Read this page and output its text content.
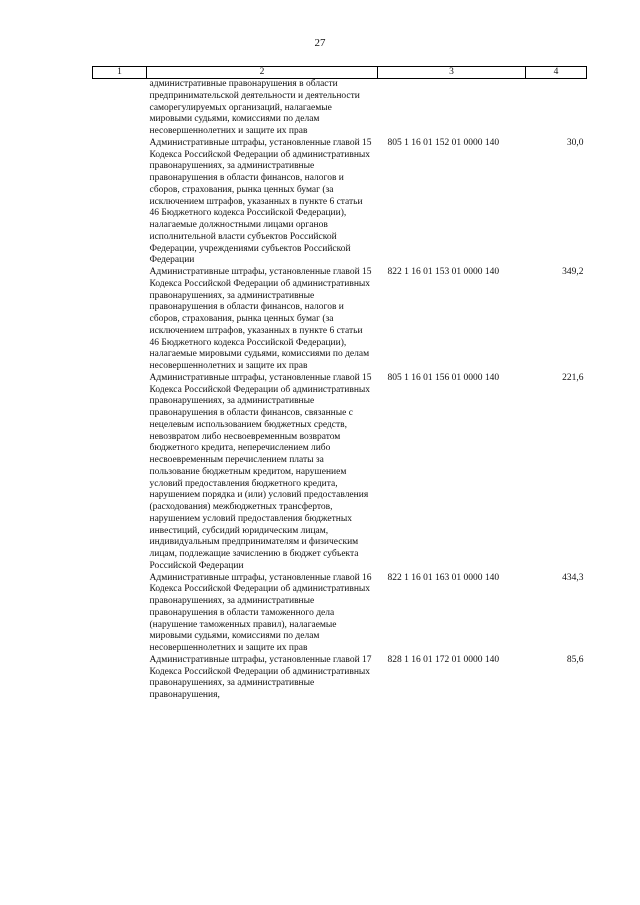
27
1	2	3	4
	административные правонарушения в области предпринимательской деятельности и деятельности саморегулируемых организаций, налагаемые мировыми судьями, комиссиями по делам несовершеннолетних и защите их прав		
	Административные штрафы, установленные главой 15 Кодекса Российской Федерации об административных правонарушениях, за административные правонарушения в области финансов, налогов и сборов, страхования, рынка ценных бумаг (за исключением штрафов, указанных в пункте 6 статьи 46 Бюджетного кодекса Российской Федерации), налагаемые должностными лицами органов исполнительной власти субъектов Российской Федерации, учреждениями субъектов Российской Федерации	805 1 16 01 152 01 0000 140	30,0
	Административные штрафы, установленные главой 15 Кодекса Российской Федерации об административных правонарушениях, за административные правонарушения в области финансов, налогов и сборов, страхования, рынка ценных бумаг (за исключением штрафов, указанных в пункте 6 статьи 46 Бюджетного кодекса Российской Федерации), налагаемые мировыми судьями, комиссиями по делам несовершеннолетних и защите их прав	822 1 16 01 153 01 0000 140	349,2
	Административные штрафы, установленные главой 15 Кодекса Российской Федерации об административных правонарушениях, за административные правонарушения в области финансов, связанные с нецелевым использованием бюджетных средств, невозвратом либо несвоевременным возвратом бюджетного кредита, неперечислением либо несвоевременным перечислением платы за пользование бюджетным кредитом, нарушением условий предоставления бюджетного кредита, нарушением порядка и (или) условий предоставления (расходования) межбюджетных трансфертов, нарушением условий предоставления бюджетных инвестиций, субсидий юридическим лицам, индивидуальным предпринимателям и физическим лицам, подлежащие зачислению в бюджет субъекта Российской Федерации	805 1 16 01 156 01 0000 140	221,6
	Административные штрафы, установленные главой 16 Кодекса Российской Федерации об административных правонарушениях, за административные правонарушения в области таможенного дела (нарушение таможенных правил), налагаемые мировыми судьями, комиссиями по делам несовершеннолетних и защите их прав	822 1 16 01 163 01 0000 140	434,3
	Административные штрафы, установленные главой 17 Кодекса Российской Федерации об административных правонарушениях, за административные правонарушения,	828 1 16 01 172 01 0000 140	85,6
